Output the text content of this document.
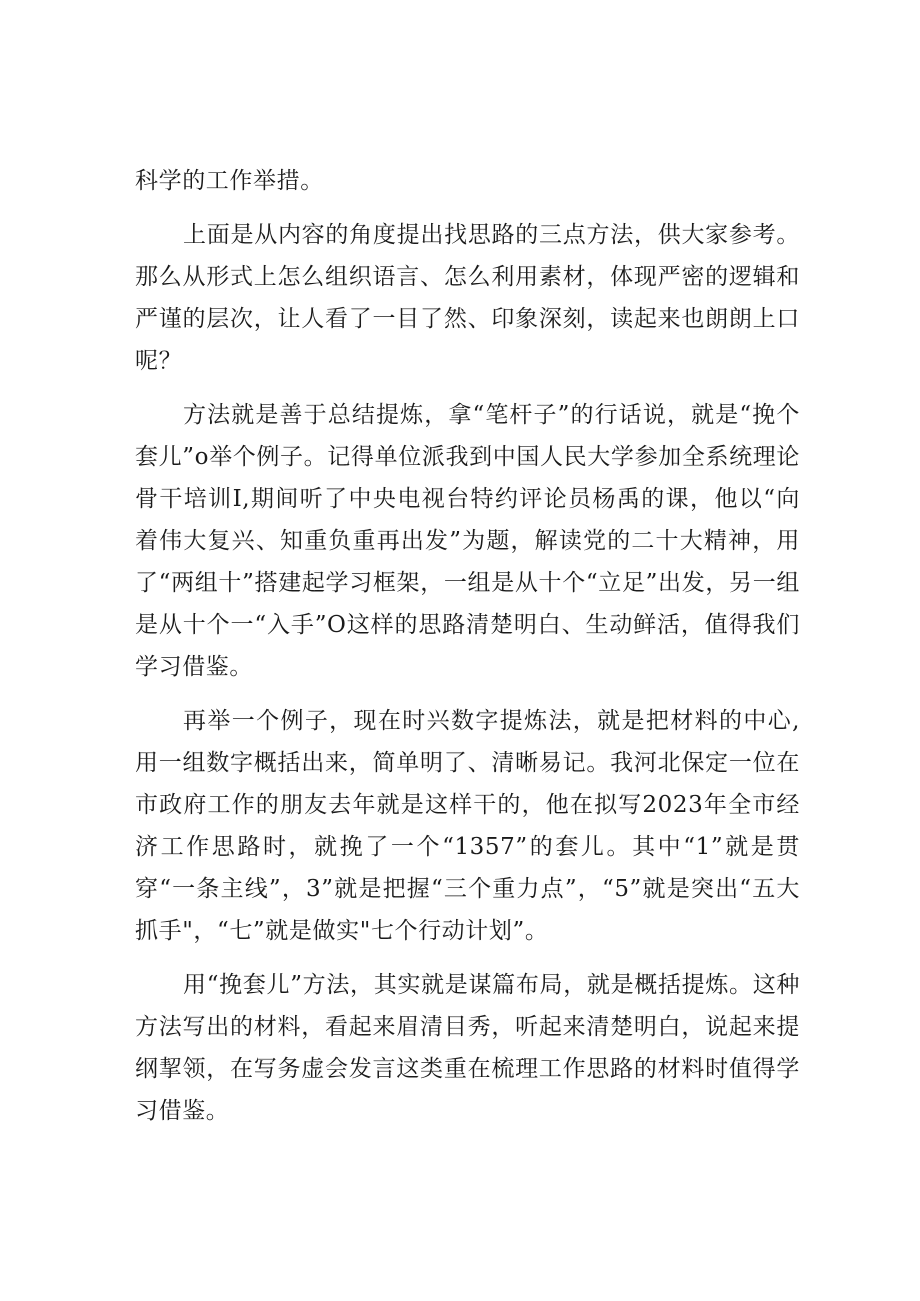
科学的工作举措。

上面是从内容的角度提出找思路的三点方法，供大家参考。那么从形式上怎么组织语言、怎么利用素材，体现严密的逻辑和严谨的层次，让人看了一目了然、印象深刻，读起来也朗朗上口呢？

方法就是善于总结提炼，拿“笔杆子”的行话说，就是“挽个套儿”o举个例子。记得单位派我到中国人民大学参加全系统理论骨干培训I,期间听了中央电视台特约评论员杨禹的课，他以“向着伟大复兴、知重负重再出发”为题，解读党的二十大精神，用了“两组十”搭建起学习框架，一组是从十个“立足”出发，另一组是从十个一“入手”O这样的思路清楚明白、生动鲜活，值得我们学习借鉴。

再举一个例子，现在时兴数字提炼法，就是把材料的中心,用一组数字概括出来，简单明了、清晰易记。我河北保定一位在市政府工作的朋友去年就是这样干的，他在拟写2023年全市经济工作思路时，就挽了一个“1357”的套儿。其中“1”就是贯穿“一条主线”，3”就是把握“三个重力点”，“5”就是突出“五大抓手"，“七”就是做实"七个行动计划”。

用“挽套儿”方法，其实就是谋篇布局，就是概括提炼。这种方法写出的材料，看起来眉清目秀，听起来清楚明白，说起来提纲挈领，在写务虚会发言这类重在梳理工作思路的材料时值得学习借鉴。
